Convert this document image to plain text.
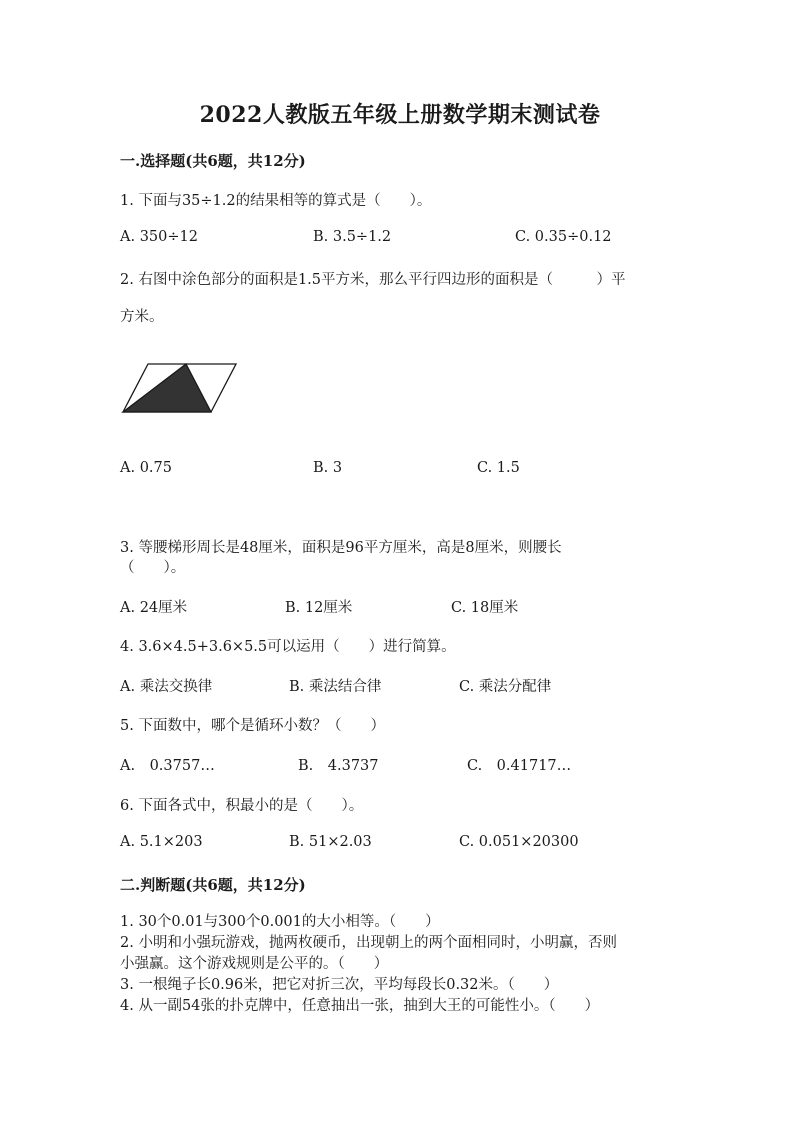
2022人教版五年级上册数学期末测试卷
一.选择题(共6题，共12分)
1. 下面与35÷1.2的结果相等的算式是（　　）。
A. 350÷12	B. 3.5÷1.2	C. 0.35÷0.12
2. 右图中涂色部分的面积是1.5平方米，那么平行四边形的面积是（　　　）平
方米。
A. 0.75	B. 3	C. 1.5
3. 等腰梯形周长是48厘米，面积是96平方厘米，高是8厘米，则腰长
（　　）。
A. 24厘米	B. 12厘米	C. 18厘米
4. 3.6×4.5+3.6×5.5可以运用（　　）进行简算。
A. 乘法交换律	B. 乘法结合律	C. 乘法分配律
5. 下面数中，哪个是循环小数？（　　）
A.　0.3757…	B.　4.3737	C.　0.41717…
6. 下面各式中，积最小的是（　　）。
A. 5.1×203	B. 51×2.03	C. 0.051×20300
二.判断题(共6题，共12分)
1. 30个0.01与300个0.001的大小相等。（　　）
2. 小明和小强玩游戏，抛两枚硬币，出现朝上的两个面相同时，小明赢，否则
小强赢。这个游戏规则是公平的。（　　）
3. 一根绳子长0.96米，把它对折三次，平均每段长0.32米。（　　）
4. 从一副54张的扑克牌中，任意抽出一张，抽到大王的可能性小。（　　）
